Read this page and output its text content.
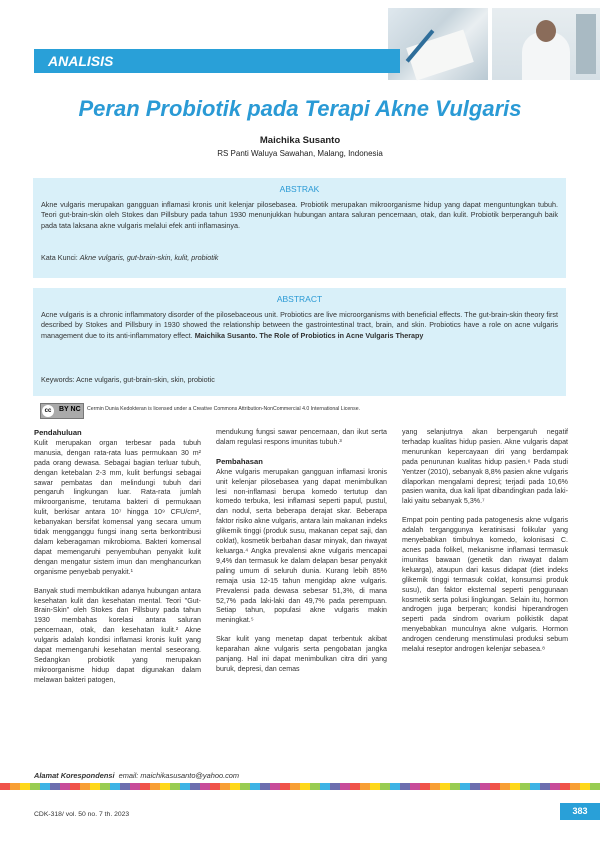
ANALISIS
Peran Probiotik pada Terapi Akne Vulgaris
Maichika Susanto
RS Panti Waluya Sawahan, Malang, Indonesia
ABSTRAK
Akne vulgaris merupakan gangguan inflamasi kronis unit kelenjar pilosebasea. Probiotik merupakan mikroorganisme hidup yang dapat menguntungkan tubuh. Teori gut-brain-skin oleh Stokes dan Pillsbury pada tahun 1930 menunjukkan hubungan antara saluran pencernaan, otak, dan kulit. Probiotik berperanguh baik pada tata laksana akne vulgaris melalui efek anti inflamasinya.
Kata Kunci: Akne vulgaris, gut-brain-skin, kulit, probiotik
ABSTRACT
Acne vulgaris is a chronic inflammatory disorder of the pilosebaceous unit. Probiotics are live microorganisms with beneficial effects. The gut-brain-skin theory first described by Stokes and Pillsbury in 1930 showed the relationship between the gastrointestinal tract, brain, and skin. Probiotics have a role on acne vulgaris management due to its anti-inflammatory effect. Maichika Susanto. The Role of Probiotics in Acne Vulgaris Therapy
Keywords: Acne vulgaris, gut-brain-skin, skin, probiotic
cc	BY NC Cermin Dunia Kedokteran is licensed under a Creative Commons Attribution-NonCommercial 4.0 International License.
Pendahuluan

Kulit merupakan organ terbesar pada tubuh manusia, dengan rata-rata luas permukaan 30 m² pada orang dewasa. Sebagai bagian terluar tubuh, dengan ketebalan 2-3 mm, kulit berfungsi sebagai sawar pembatas dan melindungi tubuh dari pengaruh lingkungan luar. Rata-rata jumlah mikroorganisme, terutama bakteri di permukaan kulit, berkisar antara 10⁷ hingga 10⁹ CFU/cm², kebanyakan bersifat komensal yang secara umum tidak mengganggu fungsi inang serta berkontribusi dalam keberagaman mikrobioma. Bakteri komensal dapat memengaruhi penyembuhan penyakit kulit dengan mengatur sistem imun dan menghancurkan organisme penyebab penyakit.¹

Banyak studi membuktikan adanya hubungan antara kesehatan kulit dan kesehatan mental. Teori "Gut-Brain-Skin" oleh Stokes dan Pillsbury pada tahun 1930 membahas korelasi antara saluran pencernaan, otak, dan kesehatan kulit.² Akne vulgaris adalah kondisi inflamasi kronis kulit yang dapat memengaruhi kesehatan mental seseorang. Sedangkan probiotik yang merupakan mikroorganisme hidup dapat digunakan dalam melawan bakteri patogen,

mendukung fungsi sawar pencernaan, dan ikut serta dalam regulasi respons imunitas tubuh.³

Pembahasan

Akne vulgaris merupakan gangguan inflamasi kronis unit kelenjar pilosebasea yang dapat menimbulkan lesi non-inflamasi berupa komedo tertutup dan komedo terbuka, lesi inflamasi seperti papul, pustul, dan nodul, serta beberapa derajat skar. Beberapa faktor risiko akne vulgaris, antara lain makanan indeks glikemik tinggi (produk susu, makanan cepat saji, dan coklat), kosmetik berbahan dasar minyak, dan riwayat keluarga.⁴ Angka prevalensi akne vulgaris mencapai 9,4% dan termasuk ke dalam delapan besar penyakit paling umum di seluruh dunia. Kurang lebih 85% remaja usia 12-15 tahun mengidap akne vulgaris. Prevalensi pada dewasa sebesar 51,3%, di mana 52,7% pada laki-laki dan 49,7% pada perempuan. Setiap tahun, populasi akne vulgaris makin meningkat.⁵

Skar kulit yang menetap dapat terbentuk akibat keparahan akne vulgaris serta pengobatan jangka panjang. Hal ini dapat menimbulkan citra diri yang buruk, depresi, dan cemas

yang selanjutnya akan berpengaruh negatif terhadap kualitas hidup pasien. Akne vulgaris dapat menurunkan kepercayaan diri yang berdampak pada penurunan kualitas hidup pasien.⁶ Pada studi Yentzer (2010), sebanyak 8,8% pasien akne vulgaris dilaporkan mengalami depresi; terjadi pada 10,6% pasien wanita, dua kali lipat dibandingkan pada laki-laki yaitu sebanyak 5,3%.⁷

Empat poin penting pada patogenesis akne vulgaris adalah terganggunya keratinisasi folikular yang menyebabkan timbulnya komedo, kolonisasi C. acnes pada folikel, mekanisme inflamasi termasuk imunitas bawaan (genetik dan riwayat dalam keluarga), ataupun dari kasus didapat (diet indeks glikemik tinggi termasuk coklat, konsumsi produk susu), dan faktor eksternal seperti penggunaan kosmetik serta polusi lingkungan. Selain itu, hormon androgen juga berperan; kondisi hiperandrogen seperti pada sindrom ovarium polikistik dapat menyebabkan munculnya akne vulgaris. Hormon androgen cenderung menstimulasi produksi sebum melalui reseptor androgen kelenjar sebasea.⁸

Alamat Korespondensi email: maichikasusanto@yahoo.com
CDK-318/ vol. 50 no. 7 th. 2023	383
